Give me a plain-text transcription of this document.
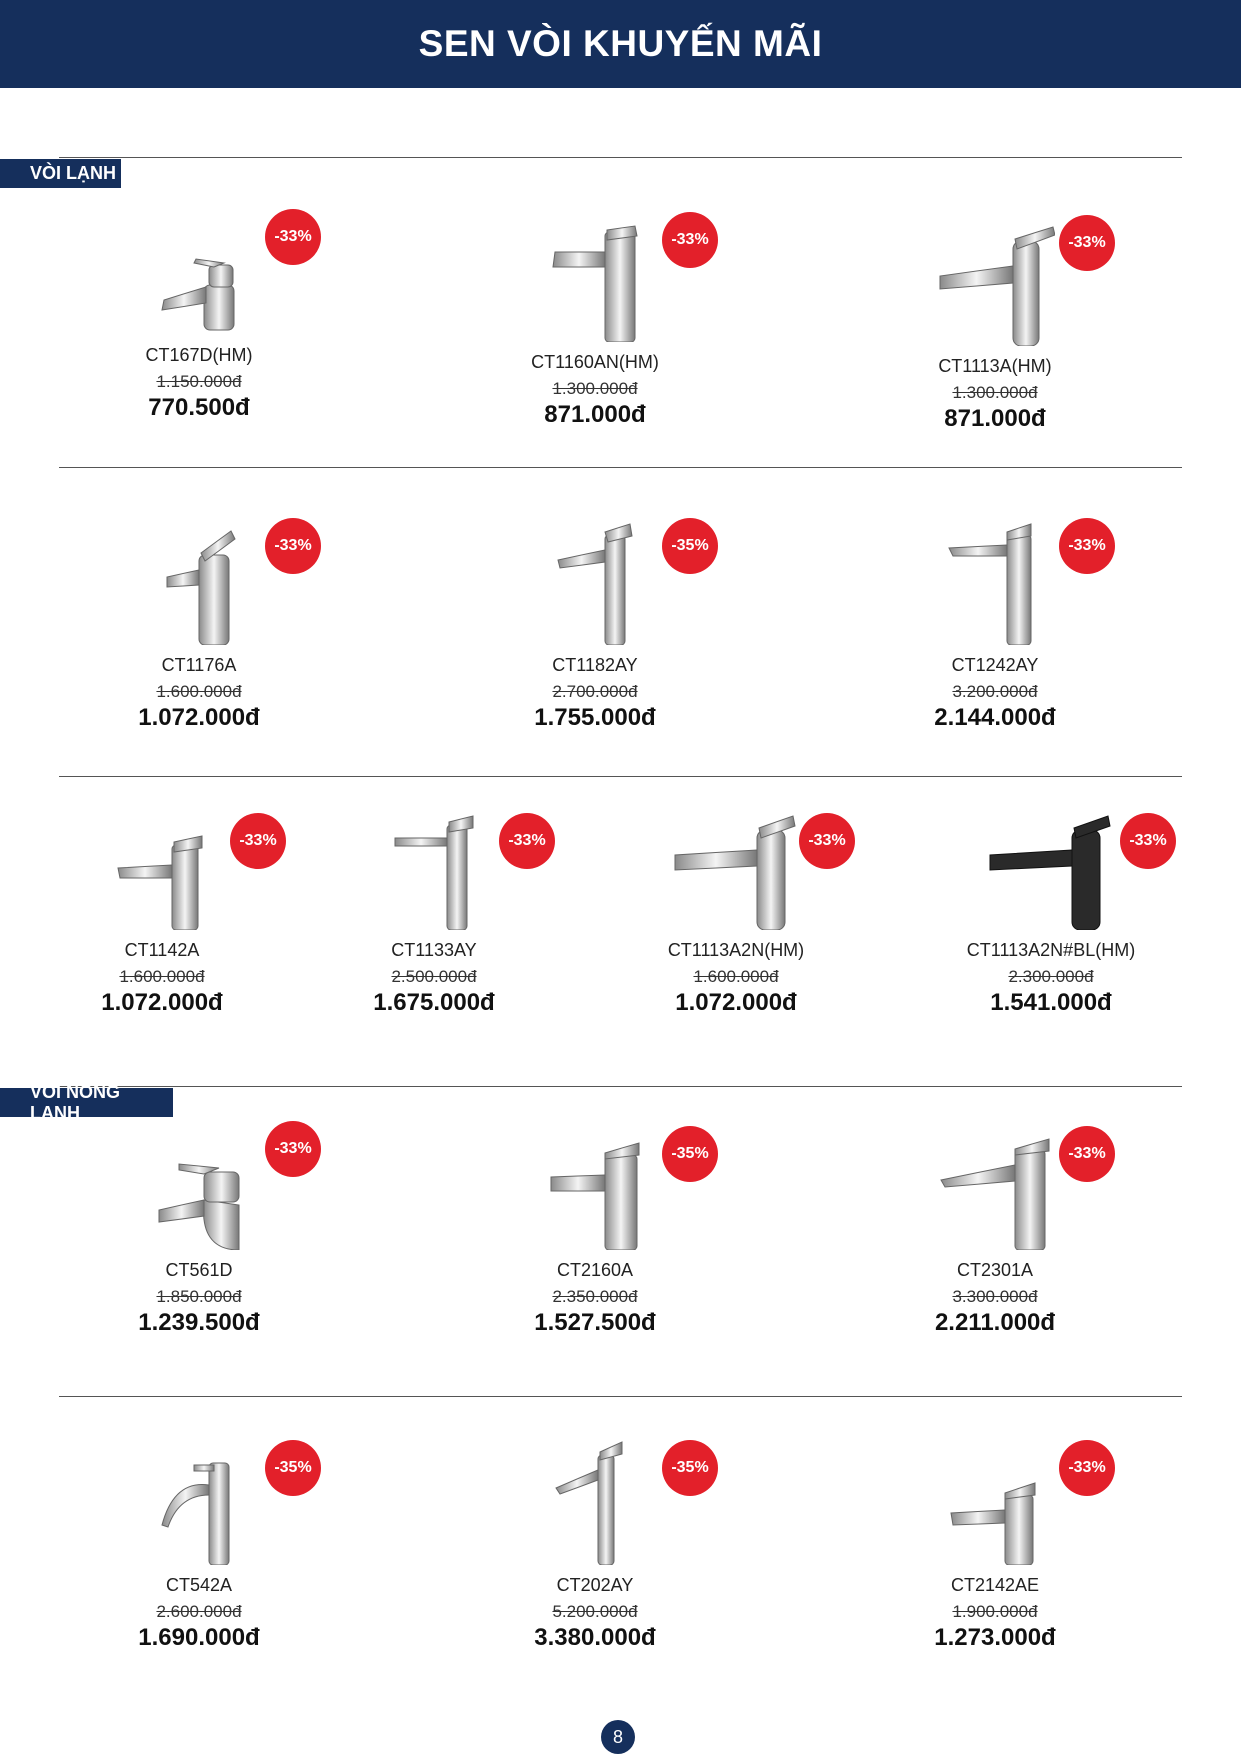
SEN VÒI KHUYẾN MÃI
VÒI LẠNH
VÒI NÓNG LẠNH
CT167D(HM)
1.150.000đ
770.500đ
-33%
CT1160AN(HM)
1.300.000đ
871.000đ
-33%
CT1113A(HM)
1.300.000đ
871.000đ
-33%
CT1176A
1.600.000đ
1.072.000đ
-33%
CT1182AY
2.700.000đ
1.755.000đ
-35%
CT1242AY
3.200.000đ
2.144.000đ
-33%
CT1142A
1.600.000đ
1.072.000đ
-33%
CT1133AY
2.500.000đ
1.675.000đ
-33%
CT1113A2N(HM)
1.600.000đ
1.072.000đ
-33%
CT1113A2N#BL(HM)
2.300.000đ
1.541.000đ
-33%
CT561D
1.850.000đ
1.239.500đ
-33%
CT2160A
2.350.000đ
1.527.500đ
-35%
CT2301A
3.300.000đ
2.211.000đ
-33%
CT542A
2.600.000đ
1.690.000đ
-35%
CT202AY
5.200.000đ
3.380.000đ
-35%
CT2142AE
1.900.000đ
1.273.000đ
-33%
8
